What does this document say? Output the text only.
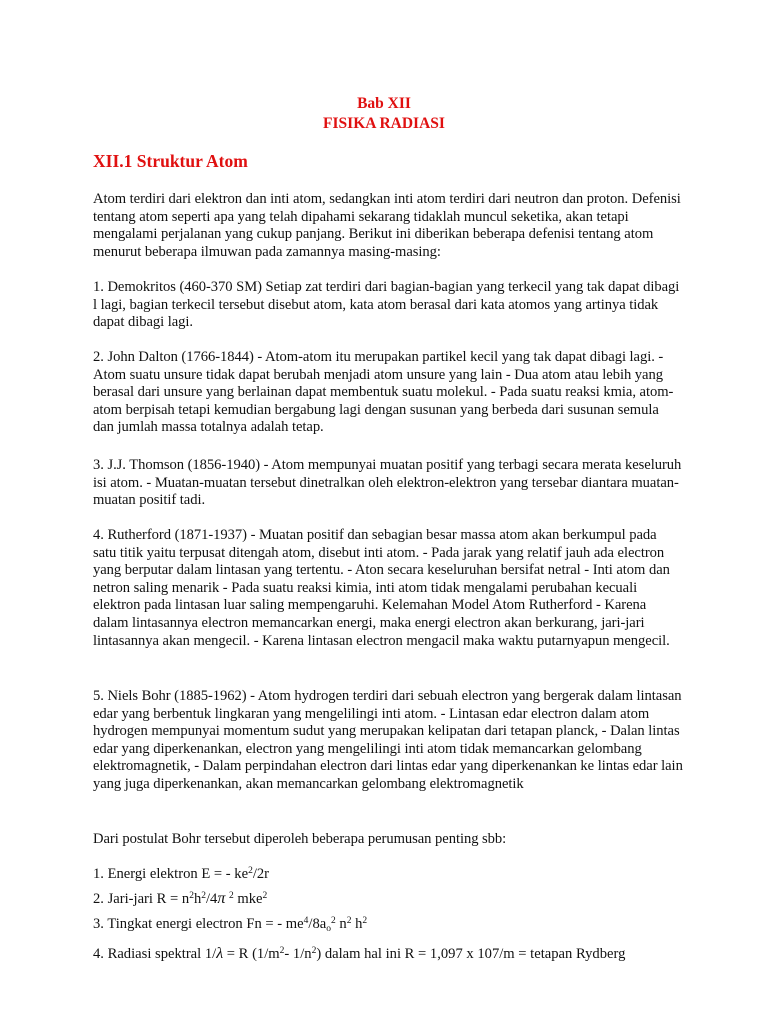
Bab XII
FISIKA RADIASI
XII.1 Struktur Atom

Atom terdiri dari elektron dan inti atom, sedangkan inti atom terdiri dari neutron dan proton. Defenisi tentang atom seperti apa yang telah dipahami sekarang tidaklah muncul seketika, akan tetapi mengalami perjalanan yang cukup panjang. Berikut ini diberikan beberapa defenisi tentang atom menurut beberapa ilmuwan pada zamannya masing-masing:

1. Demokritos (460-370 SM) Setiap zat terdiri dari bagian-bagian yang terkecil yang tak dapat dibagi l lagi, bagian terkecil tersebut disebut atom, kata atom berasal dari kata atomos yang artinya tidak dapat dibagi lagi.

2. John Dalton (1766-1844) - Atom-atom itu merupakan partikel kecil yang tak dapat dibagi lagi. - Atom suatu unsure tidak dapat berubah menjadi atom unsure yang lain - Dua atom atau lebih yang berasal dari unsure yang berlainan dapat membentuk suatu molekul. - Pada suatu reaksi kmia, atom-atom berpisah tetapi kemudian bergabung lagi dengan susunan yang berbeda dari susunan semula dan jumlah massa totalnya adalah tetap.

3. J.J. Thomson (1856-1940) - Atom mempunyai muatan positif yang terbagi secara merata keseluruh isi atom. - Muatan-muatan tersebut dinetralkan oleh elektron-elektron yang tersebar diantara muatan-muatan positif tadi.

4. Rutherford (1871-1937) - Muatan positif dan sebagian besar massa atom akan berkumpul pada satu titik yaitu terpusat ditengah atom, disebut inti atom. - Pada jarak yang relatif jauh ada electron yang berputar dalam lintasan yang tertentu. - Aton secara keseluruhan bersifat netral - Inti atom dan netron saling menarik - Pada suatu reaksi kimia, inti atom tidak mengalami perubahan kecuali elektron pada lintasan luar saling mempengaruhi. Kelemahan Model Atom Rutherford - Karena dalam lintasannya electron memancarkan energi, maka energi electron akan berkurang, jari-jari lintasannya akan mengecil. - Karena lintasan electron mengacil maka waktu putarnyapun mengecil.

5. Niels Bohr (1885-1962) - Atom hydrogen terdiri dari sebuah electron yang bergerak dalam lintasan edar yang berbentuk lingkaran yang mengelilingi inti atom. - Lintasan edar electron dalam atom hydrogen mempunyai momentum sudut yang merupakan kelipatan dari tetapan planck, - Dalan lintas edar yang diperkenankan, electron yang mengelilingi inti atom tidak memancarkan gelombang elektromagnetik, - Dalam perpindahan electron dari lintas edar yang diperkenankan ke lintas edar lain yang juga diperkenankan, akan memancarkan gelombang elektromagnetik

Dari postulat Bohr tersebut diperoleh beberapa perumusan penting sbb:

1. Energi elektron E = - $ke^2/2r$
2. Jari-jari $R = n^2h^2/4\pi$ $^2$ mke$^2$
3. Tingkat energi electron Fn = - $me^4/8a_o^2$ $n^2$ $h^2$
4. Radiasi spektral 1/λ = R ($1/m^2-$ $1/n^2$) dalam hal ini R = 1,097 x 107/m = tetapan Rydberg
